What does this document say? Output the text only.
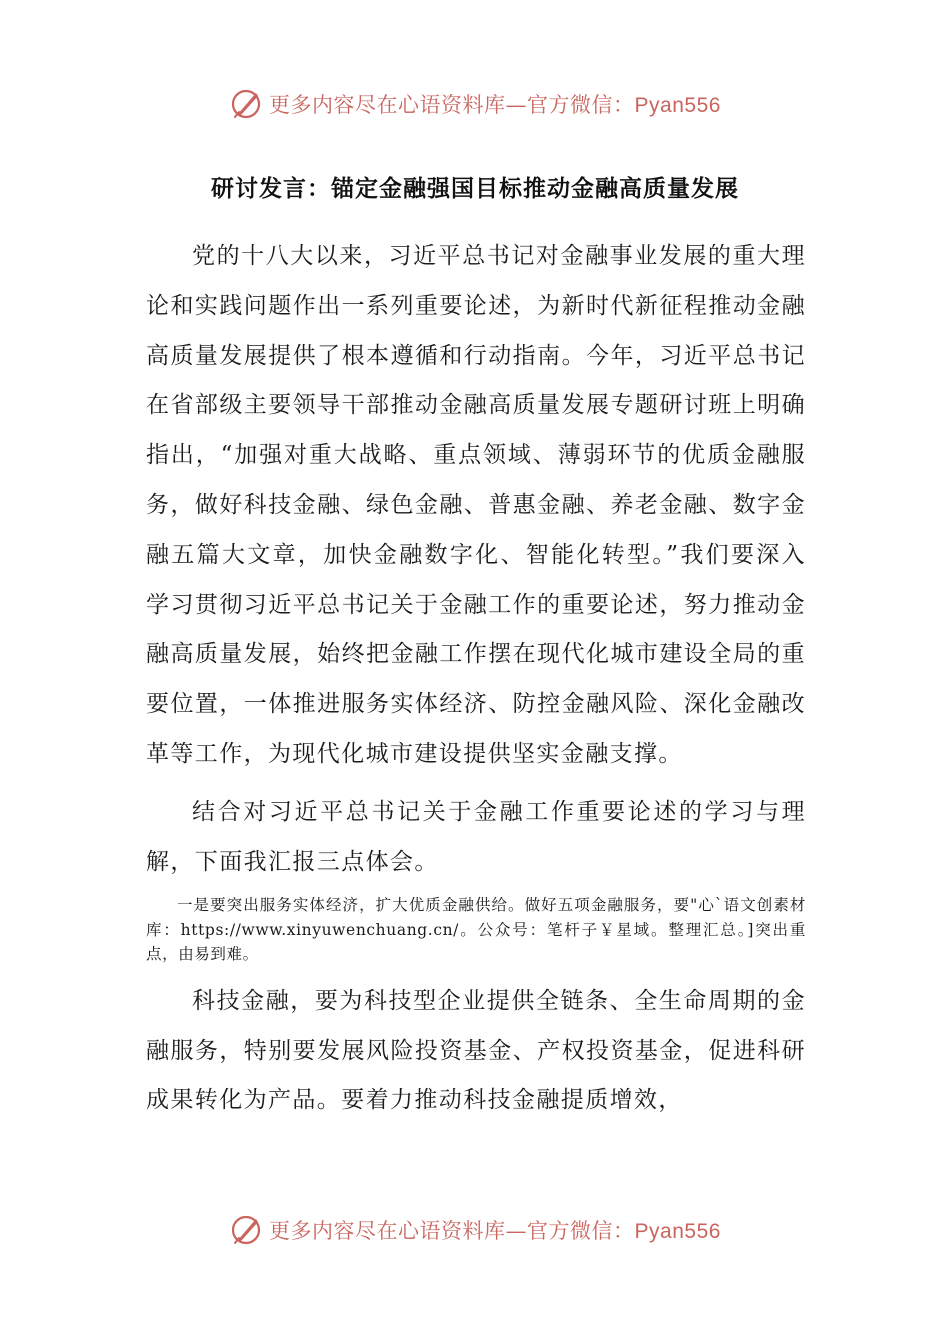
更多内容尽在心语资料库—官方微信：Pyan556
研讨发言：锚定金融强国目标推动金融高质量发展

党的十八大以来，习近平总书记对金融事业发展的重大理论和实践问题作出一系列重要论述，为新时代新征程推动金融高质量发展提供了根本遵循和行动指南。今年，习近平总书记在省部级主要领导干部推动金融高质量发展专题研讨班上明确指出，“加强对重大战略、重点领域、薄弱环节的优质金融服务，做好科技金融、绿色金融、普惠金融、养老金融、数字金融五篇大文章，加快金融数字化、智能化转型。”我们要深入学习贯彻习近平总书记关于金融工作的重要论述，努力推动金融高质量发展，始终把金融工作摆在现代化城市建设全局的重要位置，一体推进服务实体经济、防控金融风险、深化金融改革等工作，为现代化城市建设提供坚实金融支撑。

结合对习近平总书记关于金融工作重要论述的学习与理解，下面我汇报三点体会。

一是要突出服务实体经济，扩大优质金融供给。做好五项金融服务，要"心`语文创素材库：https://www.xinyuwenchuang.cn/。公众号：笔杆子￥星域。整理汇总。]突出重点，由易到难。

科技金融，要为科技型企业提供全链条、全生命周期的金融服务，特别要发展风险投资基金、产权投资基金，促进科研成果转化为产品。要着力推动科技金融提质增效，

更多内容尽在心语资料库—官方微信：Pyan556
